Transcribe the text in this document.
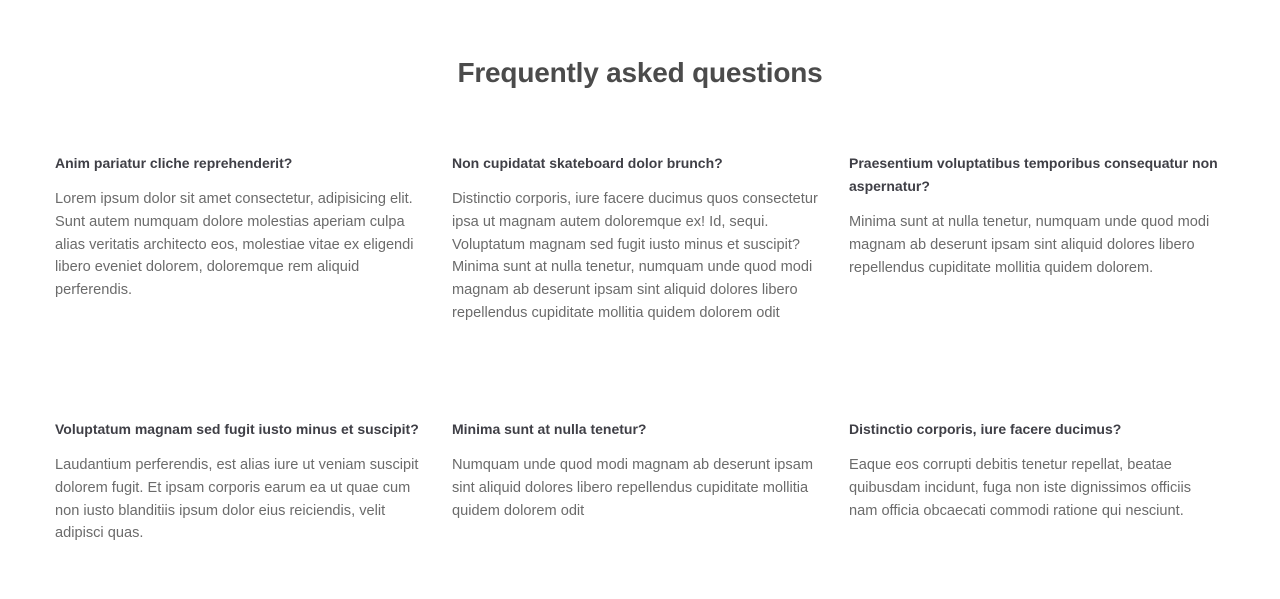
Frequently asked questions
Anim pariatur cliche reprehenderit?

Lorem ipsum dolor sit amet consectetur, adipisicing elit. Sunt autem numquam dolore molestias aperiam culpa alias veritatis architecto eos, molestiae vitae ex eligendi libero eveniet dolorem, doloremque rem aliquid perferendis.

Non cupidatat skateboard dolor brunch?

Distinctio corporis, iure facere ducimus quos consectetur ipsa ut magnam autem doloremque ex! Id, sequi. Voluptatum magnam sed fugit iusto minus et suscipit? Minima sunt at nulla tenetur, numquam unde quod modi magnam ab deserunt ipsam sint aliquid dolores libero repellendus cupiditate mollitia quidem dolorem odit

Praesentium voluptatibus temporibus consequatur non aspernatur?

Minima sunt at nulla tenetur, numquam unde quod modi magnam ab deserunt ipsam sint aliquid dolores libero repellendus cupiditate mollitia quidem dolorem.

Voluptatum magnam sed fugit iusto minus et suscipit?

Laudantium perferendis, est alias iure ut veniam suscipit dolorem fugit. Et ipsam corporis earum ea ut quae cum non iusto blanditiis ipsum dolor eius reiciendis, velit adipisci quas.

Minima sunt at nulla tenetur?

Numquam unde quod modi magnam ab deserunt ipsam sint aliquid dolores libero repellendus cupiditate mollitia quidem dolorem odit

Distinctio corporis, iure facere ducimus?

Eaque eos corrupti debitis tenetur repellat, beatae quibusdam incidunt, fuga non iste dignissimos officiis nam officia obcaecati commodi ratione qui nesciunt.
